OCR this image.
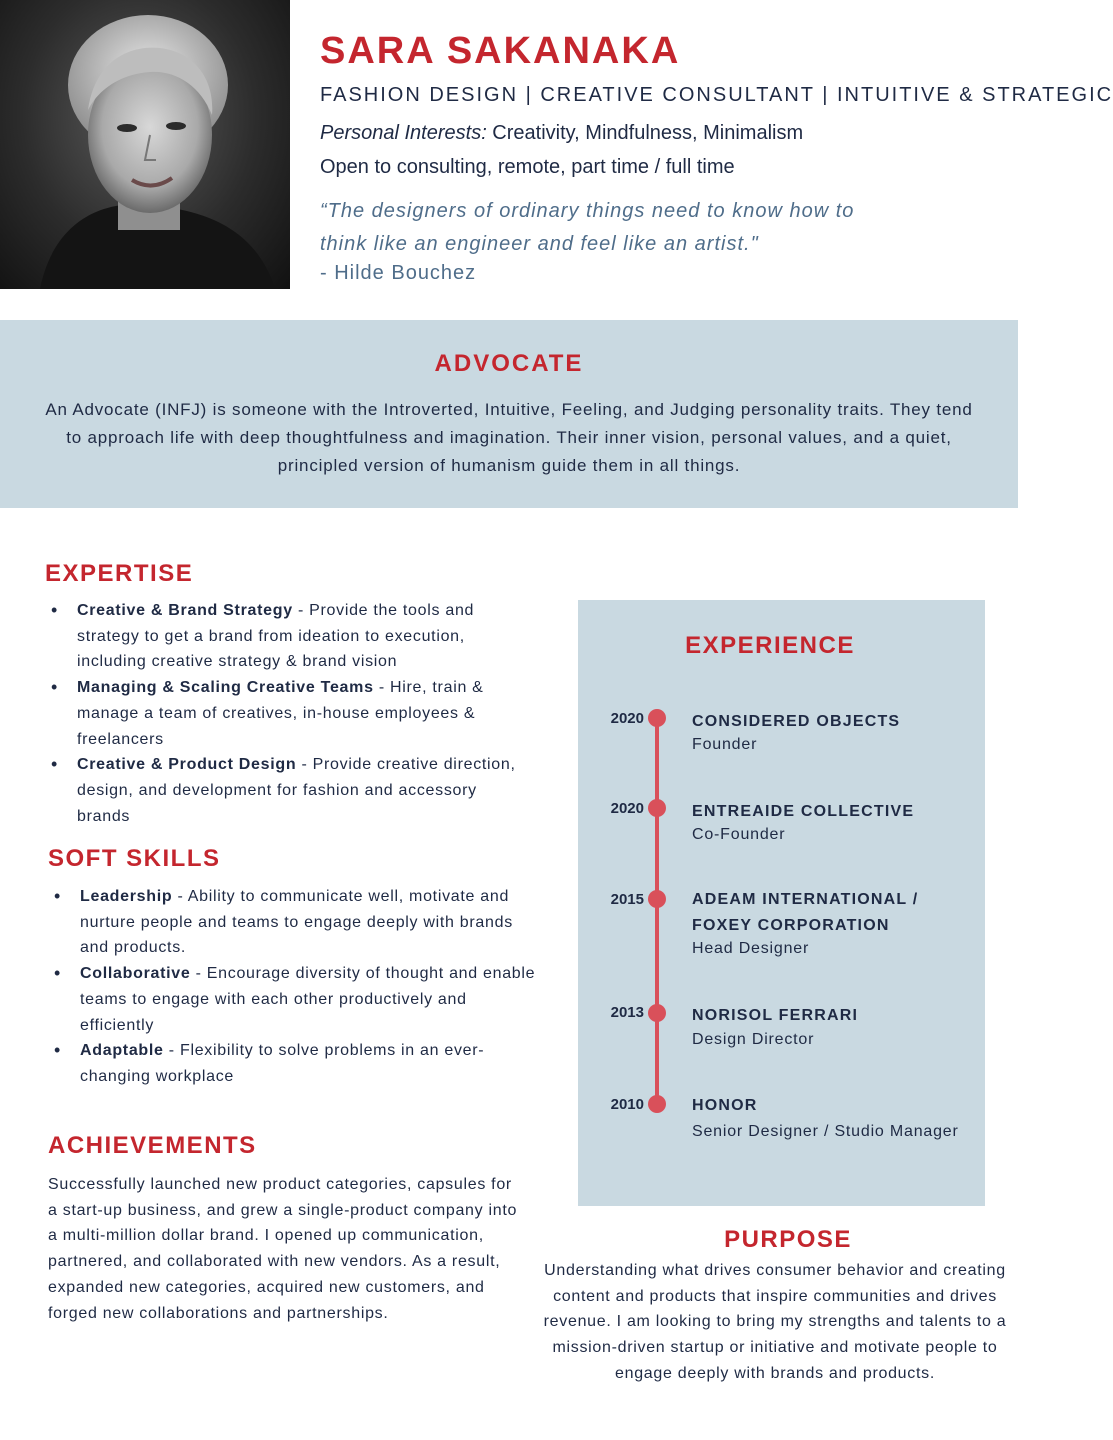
SARA SAKANAKA
FASHION DESIGN | CREATIVE CONSULTANT | INTUITIVE & STRATEGIC
Personal Interests: Creativity, Mindfulness, Minimalism
Open to consulting, remote, part time / full time
“The designers of ordinary things need to know how to think like an engineer and feel like an artist."
- Hilde Bouchez
ADVOCATE
An Advocate (INFJ) is someone with the Introverted, Intuitive, Feeling, and Judging personality traits. They tend to approach life with deep thoughtfulness and imagination. Their inner vision, personal values, and a quiet, principled version of humanism guide them in all things.
EXPERTISE
• Creative & Brand Strategy - Provide the tools and strategy to get a brand from ideation to execution, including creative strategy & brand vision
• Managing & Scaling Creative Teams - Hire, train & manage a team of creatives, in-house employees & freelancers
• Creative & Product Design - Provide creative direction, design, and development for fashion and accessory brands
SOFT SKILLS
• Leadership - Ability to communicate well, motivate and nurture people and teams to engage deeply with brands and products.
• Collaborative - Encourage diversity of thought and enable teams to engage with each other productively and efficiently
• Adaptable - Flexibility to solve problems in an ever-changing workplace
ACHIEVEMENTS
Successfully launched new product categories, capsules for a start-up business, and grew a single-product company into a multi-million dollar brand. I opened up communication, partnered, and collaborated with new vendors. As a result, expanded new categories, acquired new customers, and forged new collaborations and partnerships.
EXPERIENCE
2020	CONSIDERED OBJECTS
Founder
2020	ENTREAIDE COLLECTIVE
Co-Founder
2015	ADEAM INTERNATIONAL / FOXEY CORPORATION
Head Designer
2013	NORISOL FERRARI
Design Director
2010	HONOR
Senior Designer / Studio Manager
PURPOSE
Understanding what drives consumer behavior and creating content and products that inspire communities and drives revenue. I am looking to bring my strengths and talents to a mission-driven startup or initiative and motivate people to engage deeply with brands and products.
